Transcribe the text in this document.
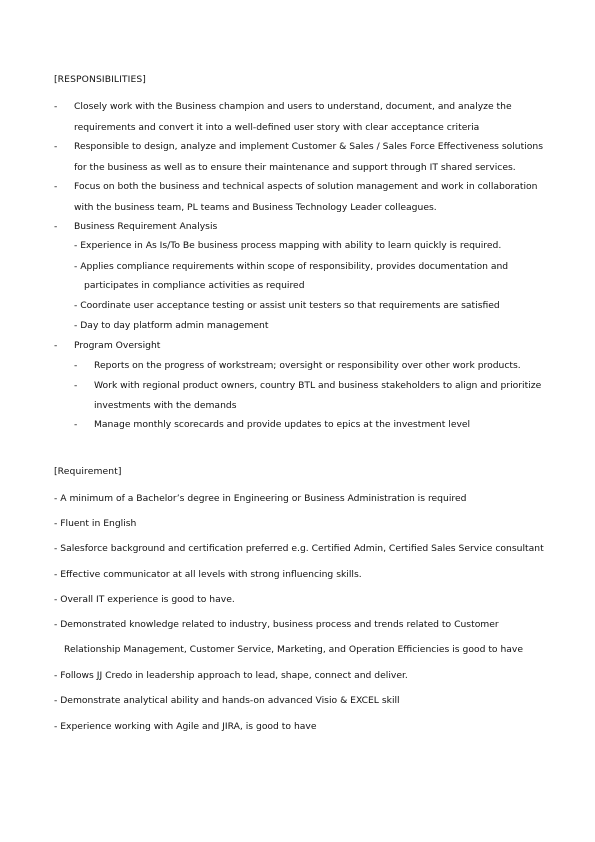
[RESPONSIBILITIES]
- Closely work with the Business champion and users to understand, document, and analyze the
requirements and convert it into a well-defined user story with clear acceptance criteria
- Responsible to design, analyze and implement Customer & Sales / Sales Force Effectiveness solutions
for the business as well as to ensure their maintenance and support through IT shared services.
- Focus on both the business and technical aspects of solution management and work in collaboration
with the business team, PL teams and Business Technology Leader colleagues.
- Business Requirement Analysis
- Experience in As Is/To Be business process mapping with ability to learn quickly is required.
- Applies compliance requirements within scope of responsibility, provides documentation and
participates in compliance activities as required
- Coordinate user acceptance testing or assist unit testers so that requirements are satisfied
- Day to day platform admin management
- Program Oversight
- Reports on the progress of workstream; oversight or responsibility over other work products.
- Work with regional product owners, country BTL and business stakeholders to align and prioritize
investments with the demands
- Manage monthly scorecards and provide updates to epics at the investment level
[Requirement]
- A minimum of a Bachelor’s degree in Engineering or Business Administration is required
- Fluent in English
- Salesforce background and certification preferred e.g. Certified Admin, Certified Sales Service consultant
- Effective communicator at all levels with strong influencing skills.
- Overall IT experience is good to have.
- Demonstrated knowledge related to industry, business process and trends related to Customer
Relationship Management, Customer Service, Marketing, and Operation Efficiencies is good to have
- Follows JJ Credo in leadership approach to lead, shape, connect and deliver.
- Demonstrate analytical ability and hands-on advanced Visio & EXCEL skill
- Experience working with Agile and JIRA, is good to have
